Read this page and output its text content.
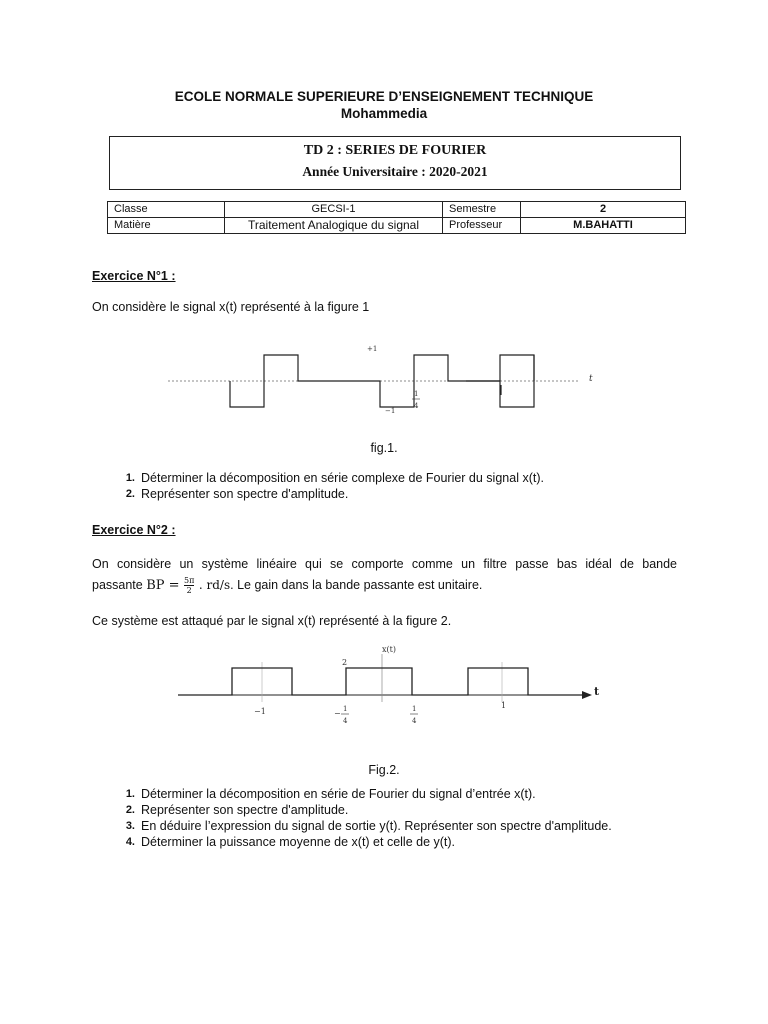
ECOLE NORMALE SUPERIEURE D’ENSEIGNEMENT TECHNIQUE
Mohammedia
TD 2 : SERIES DE FOURIER
Année Universitaire : 2020-2021
Classe	GECSI-1	Semestre	2
Matière	Traitement Analogique du signal	Professeur	M.BAHATTI
Exercice N°1 :
On considère le signal x(t) représenté à la figure 1
+1
−1
t
1
4
fig.1.
1. Déterminer la décomposition en série complexe de Fourier du signal x(t).
2. Représenter son spectre d'amplitude.
Exercice N°2 :
On considère un système linéaire qui se comporte comme un filtre passe bas idéal de bande
passante BP = $\frac{5\pi}{2}$ . rd/s. Le gain dans la bande passante est unitaire.
Ce système est attaqué par le signal x(t) représenté à la figure 2.
x(t)
2
t
−1	− 1
4
1
4
1
Fig.2.
1. Déterminer la décomposition en série de Fourier du signal d’entrée x(t).
2. Représenter son spectre d'amplitude.
3. En déduire l’expression du signal de sortie y(t). Représenter son spectre d'amplitude.
4. Déterminer la puissance moyenne de x(t) et celle de y(t).
